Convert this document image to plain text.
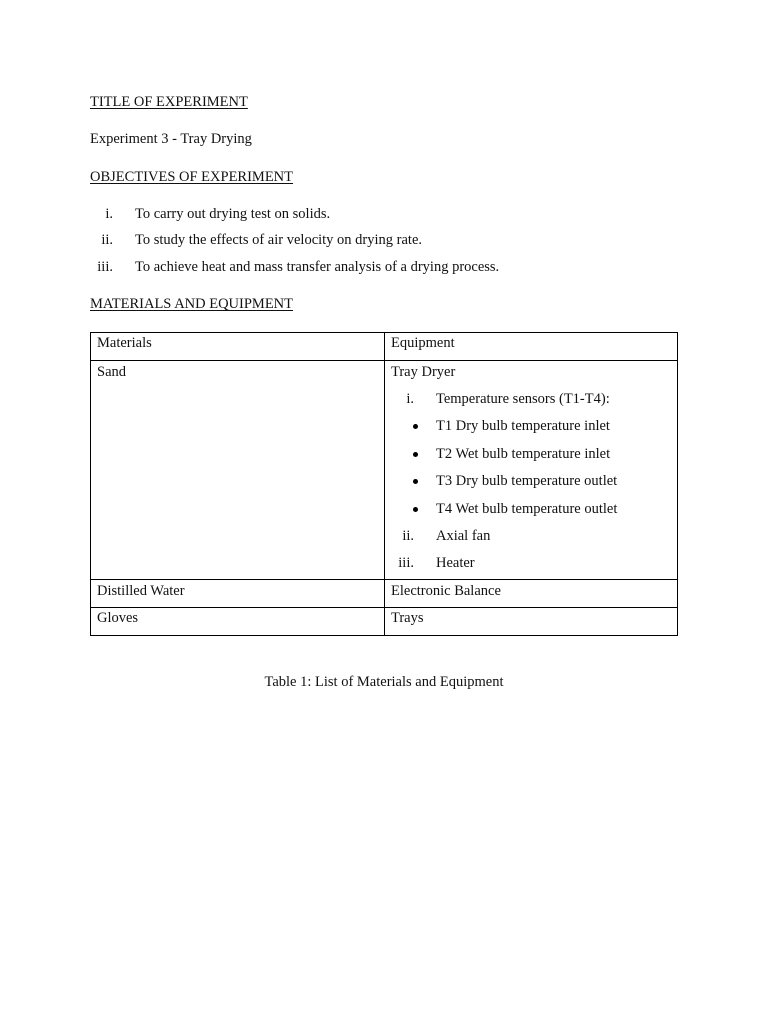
TITLE OF EXPERIMENT
Experiment 3 - Tray Drying
OBJECTIVES OF EXPERIMENT
i. To carry out drying test on solids.
ii. To study the effects of air velocity on drying rate.
iii. To achieve heat and mass transfer analysis of a drying process.
MATERIALS AND EQUIPMENT
Materials	Equipment
Sand	Tray Dryer
i. Temperature sensors (T1-T4):
T1 Dry bulb temperature inlet
T2 Wet bulb temperature inlet
T3 Dry bulb temperature outlet
T4 Wet bulb temperature outlet
ii. Axial fan
iii. Heater
Distilled Water	Electronic Balance
Gloves	Trays
Table 1: List of Materials and Equipment
